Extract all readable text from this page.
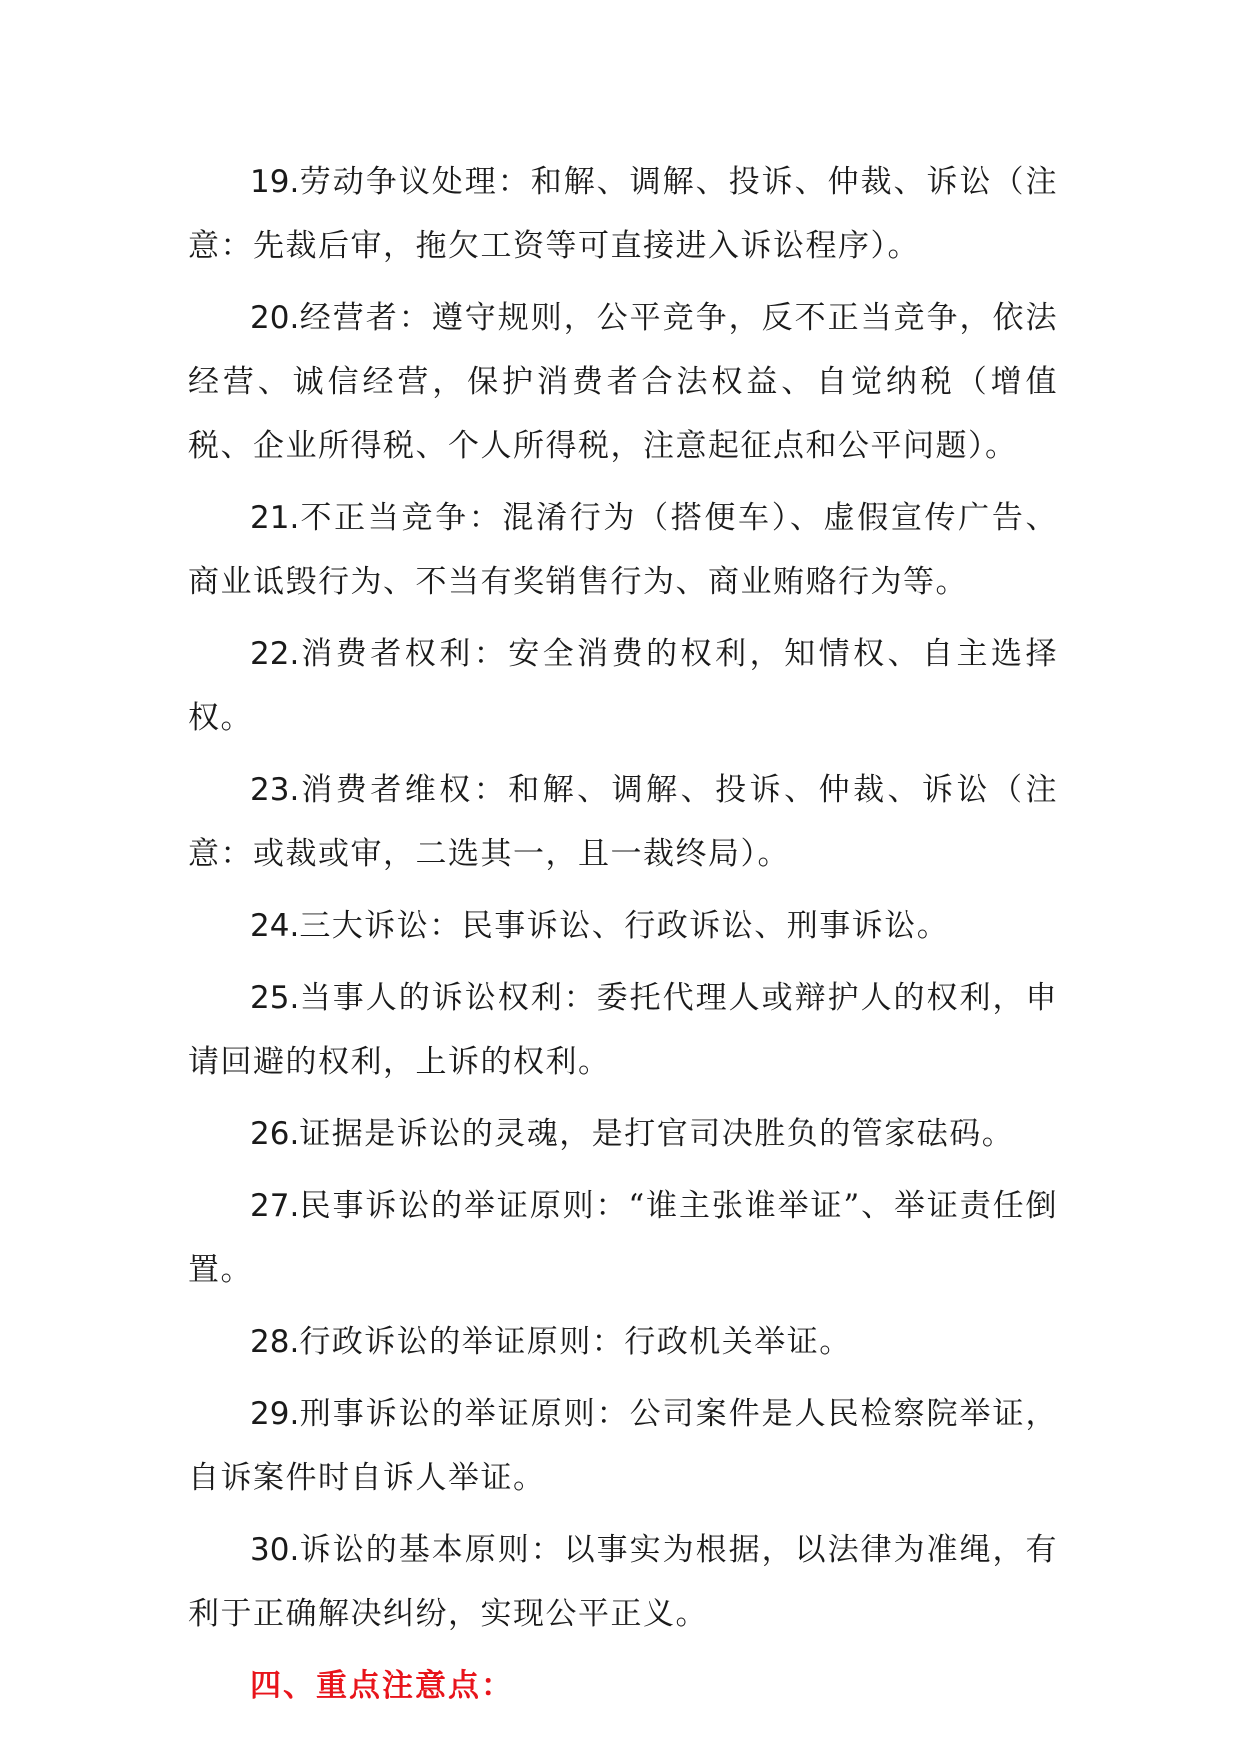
19.劳动争议处理：和解、调解、投诉、仲裁、诉讼（注意：先裁后审，拖欠工资等可直接进入诉讼程序）。

20.经营者：遵守规则，公平竞争，反不正当竞争，依法经营、诚信经营，保护消费者合法权益、自觉纳税（增值税、企业所得税、个人所得税，注意起征点和公平问题）。

21.不正当竞争：混淆行为（搭便车）、虚假宣传广告、商业诋毁行为、不当有奖销售行为、商业贿赂行为等。

22.消费者权利：安全消费的权利，知情权、自主选择权。

23.消费者维权：和解、调解、投诉、仲裁、诉讼（注意：或裁或审，二选其一，且一裁终局）。

24.三大诉讼：民事诉讼、行政诉讼、刑事诉讼。

25.当事人的诉讼权利：委托代理人或辩护人的权利，申请回避的权利，上诉的权利。

26.证据是诉讼的灵魂，是打官司决胜负的管家砝码。

27.民事诉讼的举证原则：“谁主张谁举证”、举证责任倒置。

28.行政诉讼的举证原则：行政机关举证。

29.刑事诉讼的举证原则：公司案件是人民检察院举证，自诉案件时自诉人举证。

30.诉讼的基本原则：以事实为根据，以法律为准绳，有利于正确解决纠纷，实现公平正义。

四、重点注意点：
